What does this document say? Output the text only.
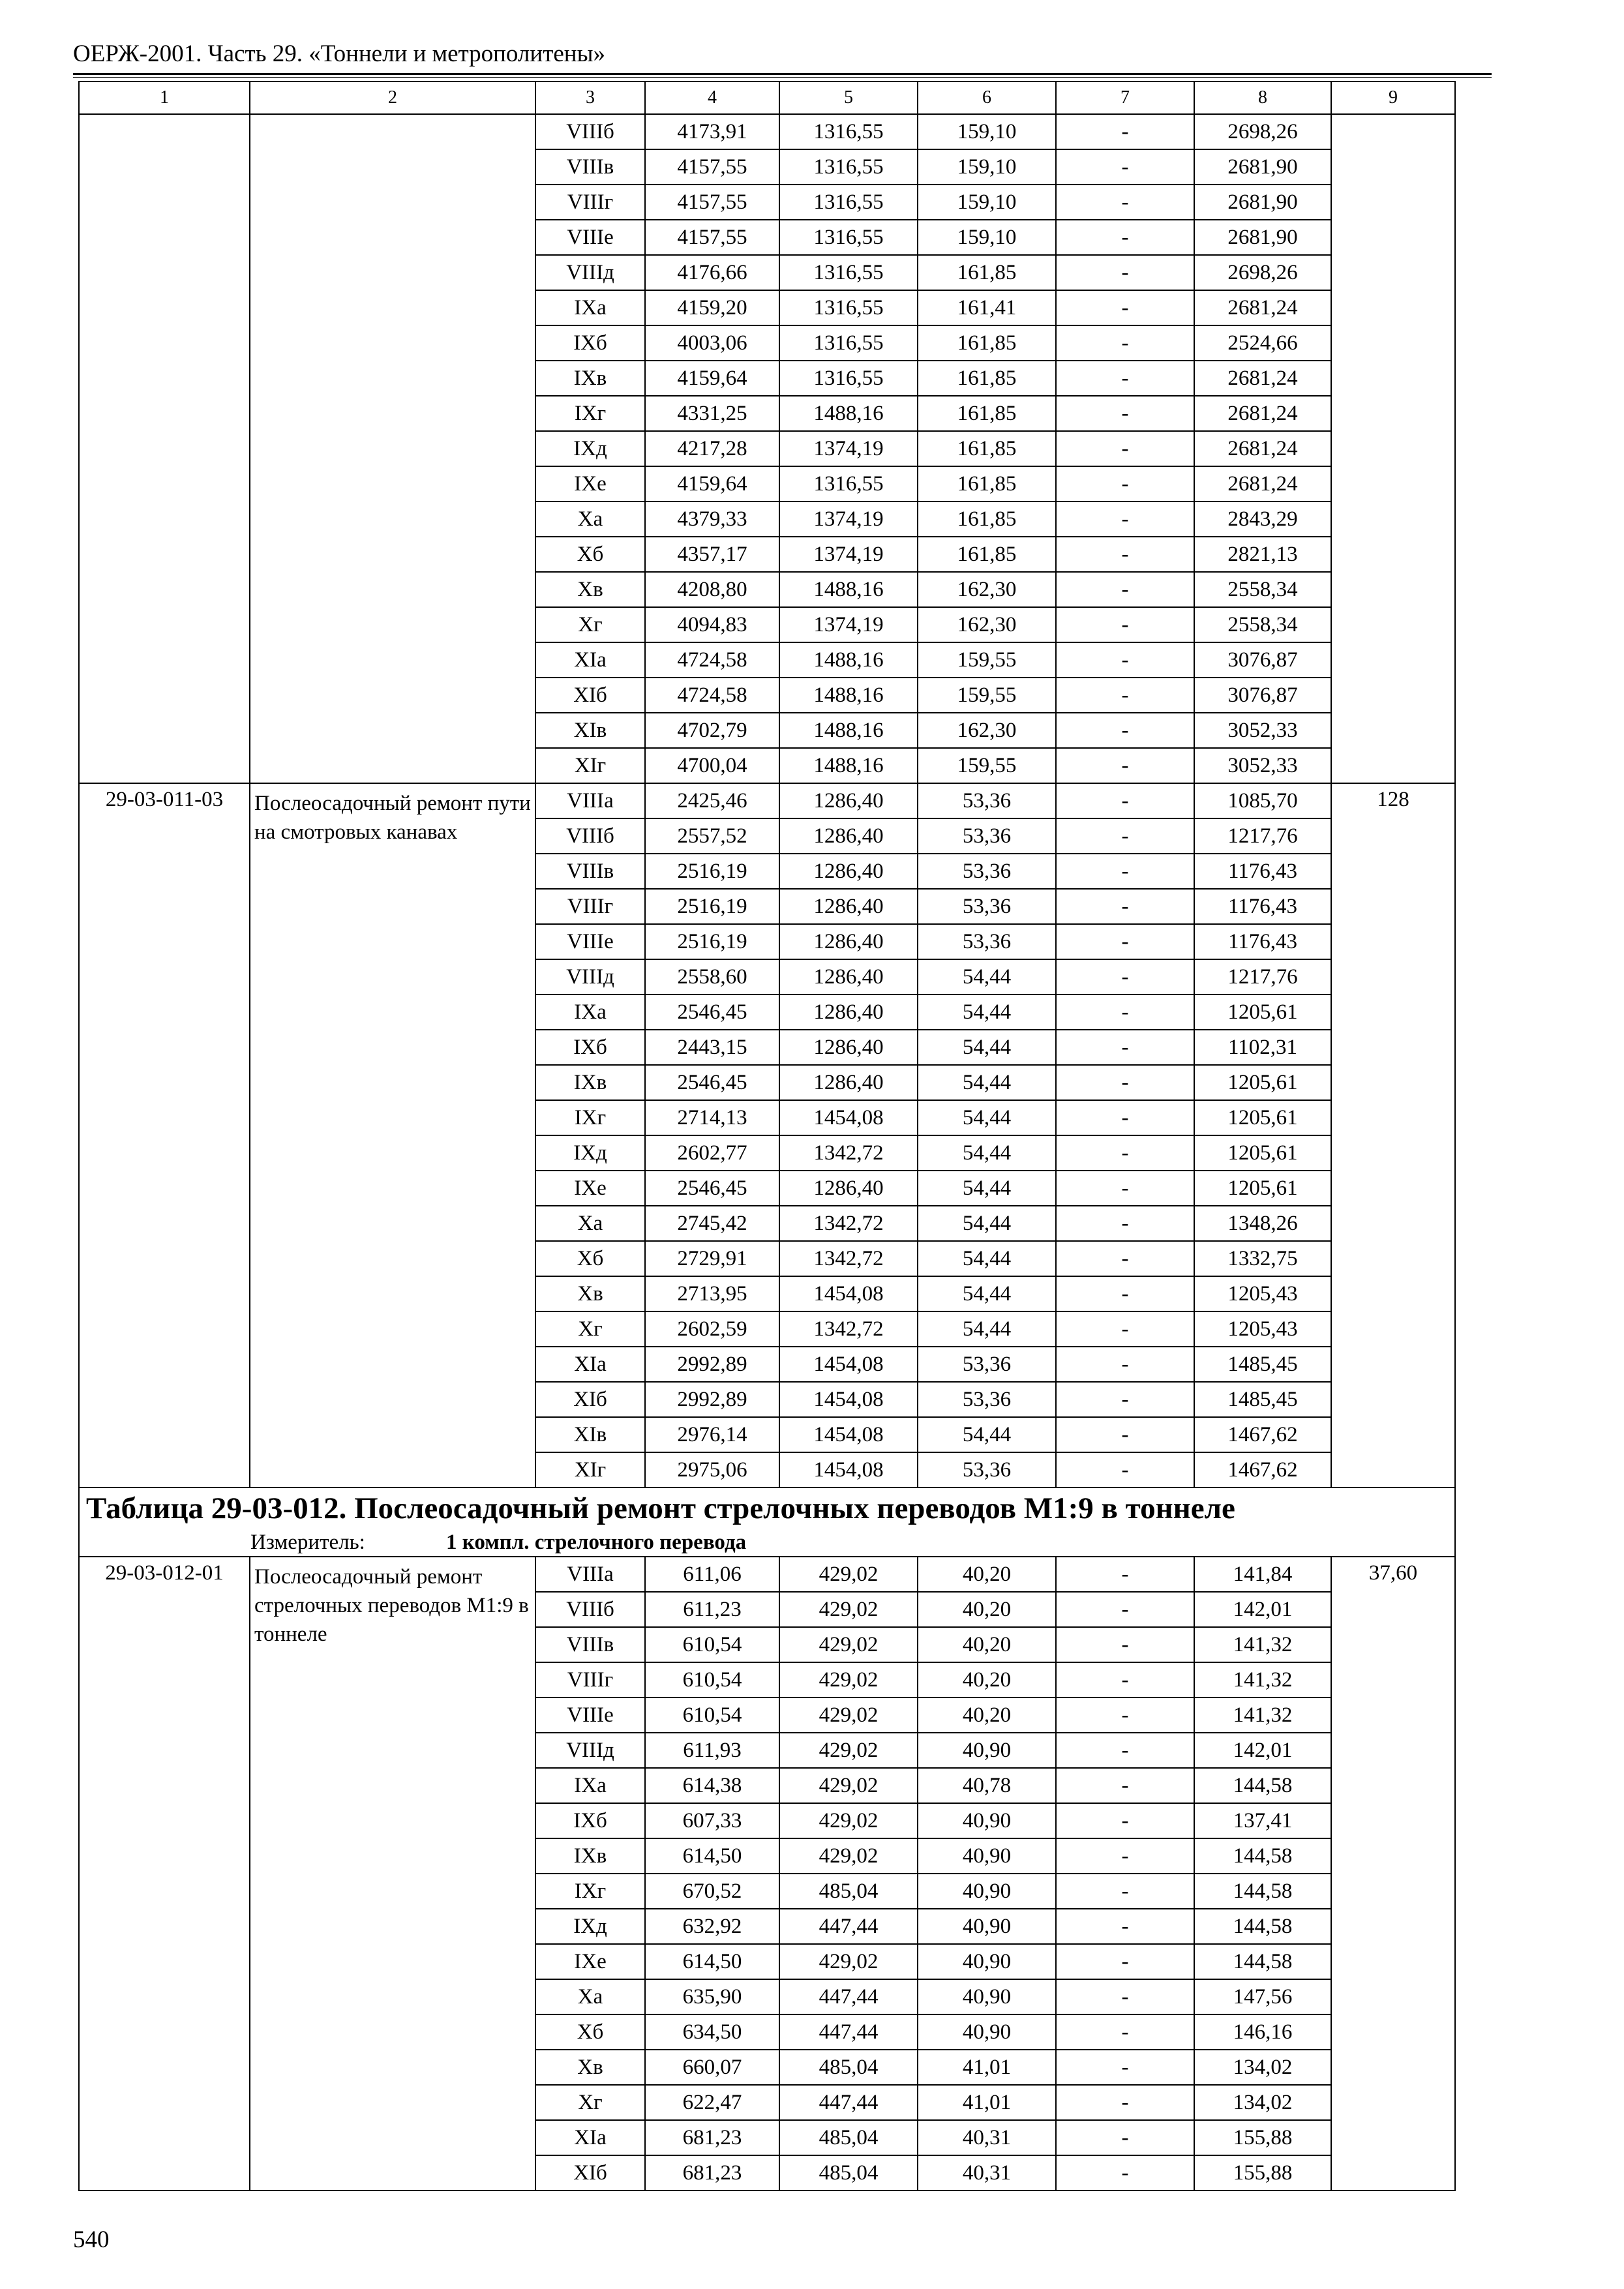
ОЕРЖ-2001. Часть 29. «Тоннели и метрополитены»
1	2	3	4	5	6	7	8	9
		VIIIб	4173,91	1316,55	159,10	-	2698,26	
		VIIIв	4157,55	1316,55	159,10	-	2681,90	
		VIIIг	4157,55	1316,55	159,10	-	2681,90	
		VIIIе	4157,55	1316,55	159,10	-	2681,90	
		VIIIд	4176,66	1316,55	161,85	-	2698,26	
		IXа	4159,20	1316,55	161,41	-	2681,24	
		IXб	4003,06	1316,55	161,85	-	2524,66	
		IXв	4159,64	1316,55	161,85	-	2681,24	
		IXг	4331,25	1488,16	161,85	-	2681,24	
		IXд	4217,28	1374,19	161,85	-	2681,24	
		IXе	4159,64	1316,55	161,85	-	2681,24	
		Xа	4379,33	1374,19	161,85	-	2843,29	
		Xб	4357,17	1374,19	161,85	-	2821,13	
		Xв	4208,80	1488,16	162,30	-	2558,34	
		Xг	4094,83	1374,19	162,30	-	2558,34	
		XIа	4724,58	1488,16	159,55	-	3076,87	
		XIб	4724,58	1488,16	159,55	-	3076,87	
		XIв	4702,79	1488,16	162,30	-	3052,33	
		XIг	4700,04	1488,16	159,55	-	3052,33	
29-03-011-03	Послеосадочный ремонт пути на смотровых канавах	VIIIа	2425,46	1286,40	53,36	-	1085,70	128
		VIIIб	2557,52	1286,40	53,36	-	1217,76	
		VIIIв	2516,19	1286,40	53,36	-	1176,43	
		VIIIг	2516,19	1286,40	53,36	-	1176,43	
		VIIIе	2516,19	1286,40	53,36	-	1176,43	
		VIIIд	2558,60	1286,40	54,44	-	1217,76	
		IXа	2546,45	1286,40	54,44	-	1205,61	
		IXб	2443,15	1286,40	54,44	-	1102,31	
		IXв	2546,45	1286,40	54,44	-	1205,61	
		IXг	2714,13	1454,08	54,44	-	1205,61	
		IXд	2602,77	1342,72	54,44	-	1205,61	
		IXе	2546,45	1286,40	54,44	-	1205,61	
		Xа	2745,42	1342,72	54,44	-	1348,26	
		Xб	2729,91	1342,72	54,44	-	1332,75	
		Xв	2713,95	1454,08	54,44	-	1205,43	
		Xг	2602,59	1342,72	54,44	-	1205,43	
		XIа	2992,89	1454,08	53,36	-	1485,45	
		XIб	2992,89	1454,08	53,36	-	1485,45	
		XIв	2976,14	1454,08	54,44	-	1467,62	
		XIг	2975,06	1454,08	53,36	-	1467,62	
Таблица 29-03-012. Послеосадочный ремонт стрелочных переводов М1:9 в тоннеле								
Измеритель: 1 компл. стрелочного перевода								
29-03-012-01	Послеосадочный ремонт стрелочных переводов М1:9 в тоннеле	VIIIа	611,06	429,02	40,20	-	141,84	37,60
		VIIIб	611,23	429,02	40,20	-	142,01	
		VIIIв	610,54	429,02	40,20	-	141,32	
		VIIIг	610,54	429,02	40,20	-	141,32	
		VIIIе	610,54	429,02	40,20	-	141,32	
		VIIIд	611,93	429,02	40,90	-	142,01	
		IXа	614,38	429,02	40,78	-	144,58	
		IXб	607,33	429,02	40,90	-	137,41	
		IXв	614,50	429,02	40,90	-	144,58	
		IXг	670,52	485,04	40,90	-	144,58	
		IXд	632,92	447,44	40,90	-	144,58	
		IXе	614,50	429,02	40,90	-	144,58	
		Xа	635,90	447,44	40,90	-	147,56	
		Xб	634,50	447,44	40,90	-	146,16	
		Xв	660,07	485,04	41,01	-	134,02	
		Xг	622,47	447,44	41,01	-	134,02	
		XIа	681,23	485,04	40,31	-	155,88	
		XIб	681,23	485,04	40,31	-	155,88	
540
